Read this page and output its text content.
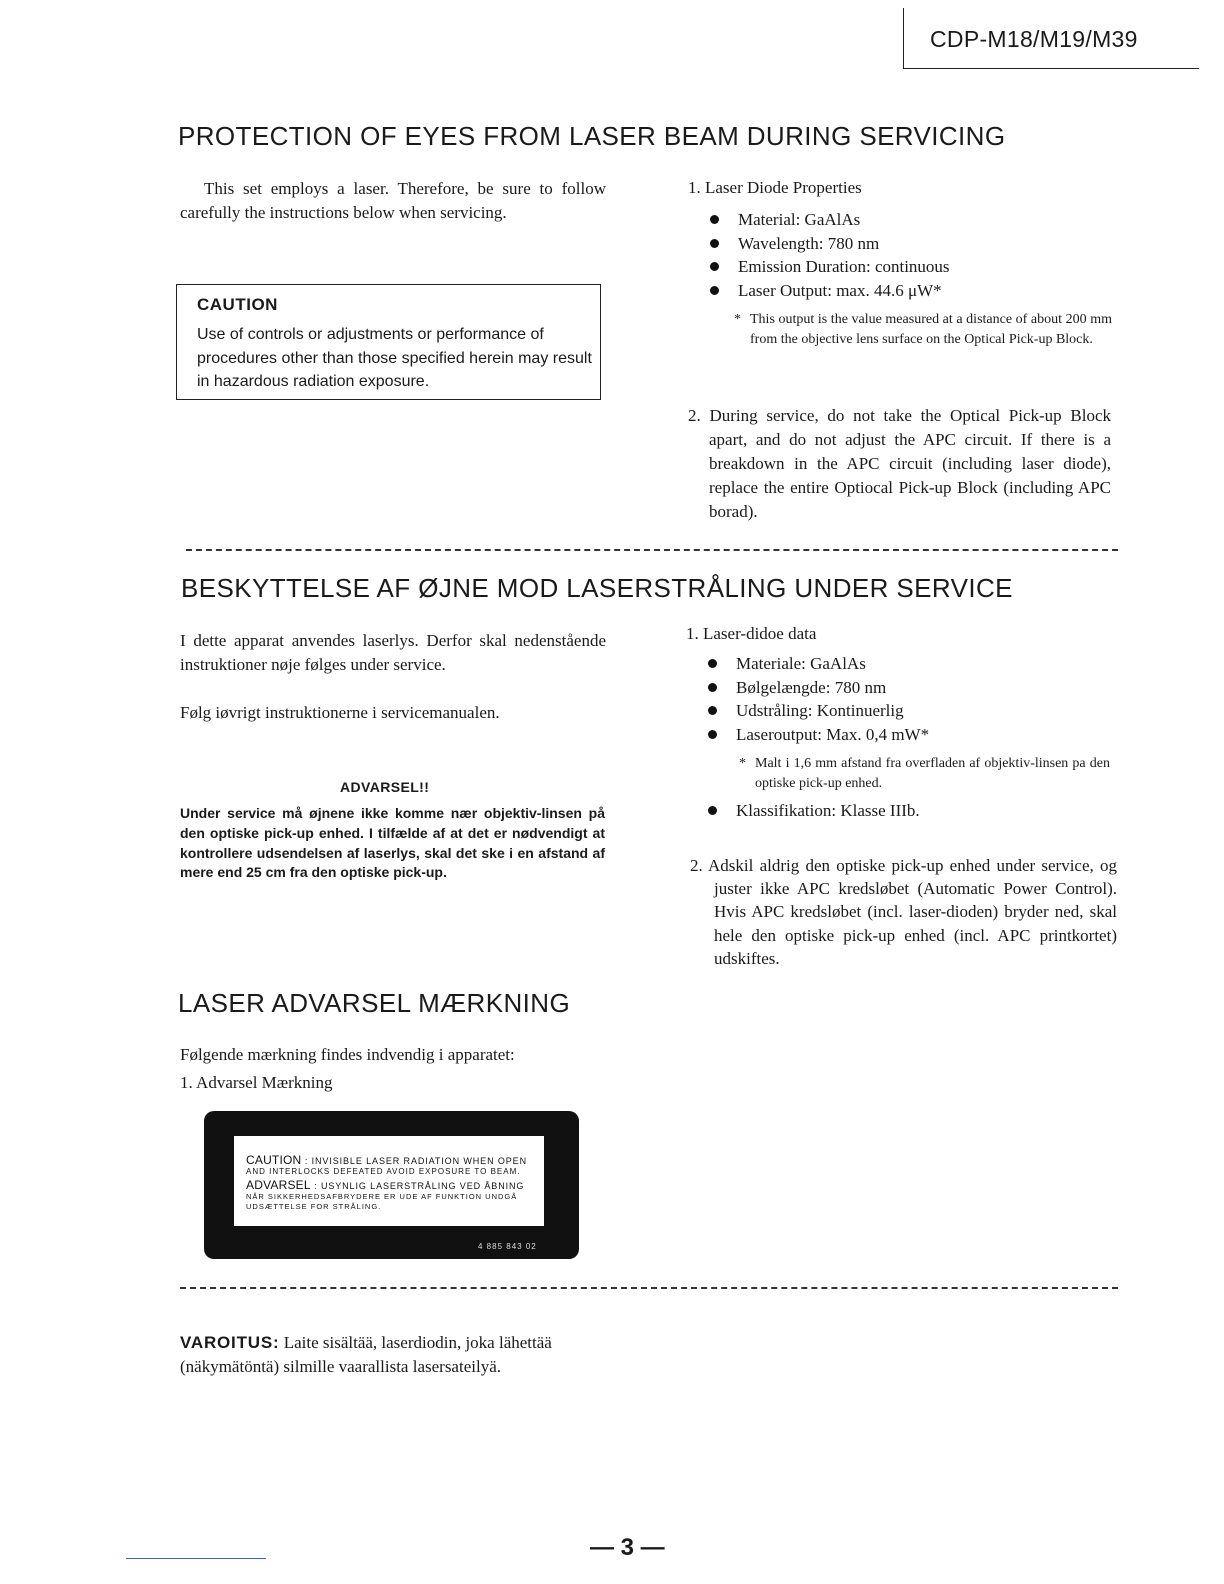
CDP-M18/M19/M39
PROTECTION OF EYES FROM LASER BEAM DURING SERVICING
This set employs a laser. Therefore, be sure to follow carefully the instructions below when servicing.
CAUTION
Use of controls or adjustments or performance of procedures other than those specified herein may result in hazardous radiation exposure.
1. Laser Diode Properties
Material: GaAlAs
Wavelength: 780 nm
Emission Duration: continuous
Laser Output: max. 44.6 μW*
* This output is the value measured at a distance of about 200 mm from the objective lens surface on the Optical Pick-up Block.
2. During service, do not take the Optical Pick-up Block apart, and do not adjust the APC circuit. If there is a breakdown in the APC circuit (including laser diode), replace the entire Optiocal Pick-up Block (including APC borad).
BESKYTTELSE AF ØJNE MOD LASERSTRÅLING UNDER SERVICE
I dette apparat anvendes laserlys. Derfor skal nedenstående instruktioner nøje følges under service.
Følg iøvrigt instruktionerne i servicemanualen.
ADVARSEL!!
Under service må øjnene ikke komme nær objektiv-linsen på den optiske pick-up enhed. I tilfælde af at det er nødvendigt at kontrollere udsendelsen af laserlys, skal det ske i en afstand af mere end 25 cm fra den optiske pick-up.
1. Laser-didoe data
Materiale: GaAlAs
Bølgelængde: 780 nm
Udstråling: Kontinuerlig
Laseroutput: Max. 0,4 mW*
* Malt i 1,6 mm afstand fra overfladen af objektiv-linsen pa den optiske pick-up enhed.
Klassifikation: Klasse IIIb.
2. Adskil aldrig den optiske pick-up enhed under service, og juster ikke APC kredsløbet (Automatic Power Control). Hvis APC kredsløbet (incl. laser-dioden) bryder ned, skal hele den optiske pick-up enhed (incl. APC printkortet) udskiftes.
LASER ADVARSEL MÆRKNING
Følgende mærkning findes indvendig i apparatet:
1. Advarsel Mærkning
CAUTION : INVISIBLE LASER RADIATION WHEN OPEN
AND INTERLOCKS DEFEATED AVOID EXPOSURE TO BEAM.
ADVARSEL : USYNLIG LASERSTRÅLING VED ÅBNING
NÅR SIKKERHEDSAFBRYDERE ER UDE AF FUNKTION UNDGÅ
UDSÆTTELSE FOR STRÅLING.
4 885 843 02
VAROITUS: Laite sisältää, laserdiodin, joka lähettää (näkymätöntä) silmille vaarallista lasersateilyä.
— 3 —
